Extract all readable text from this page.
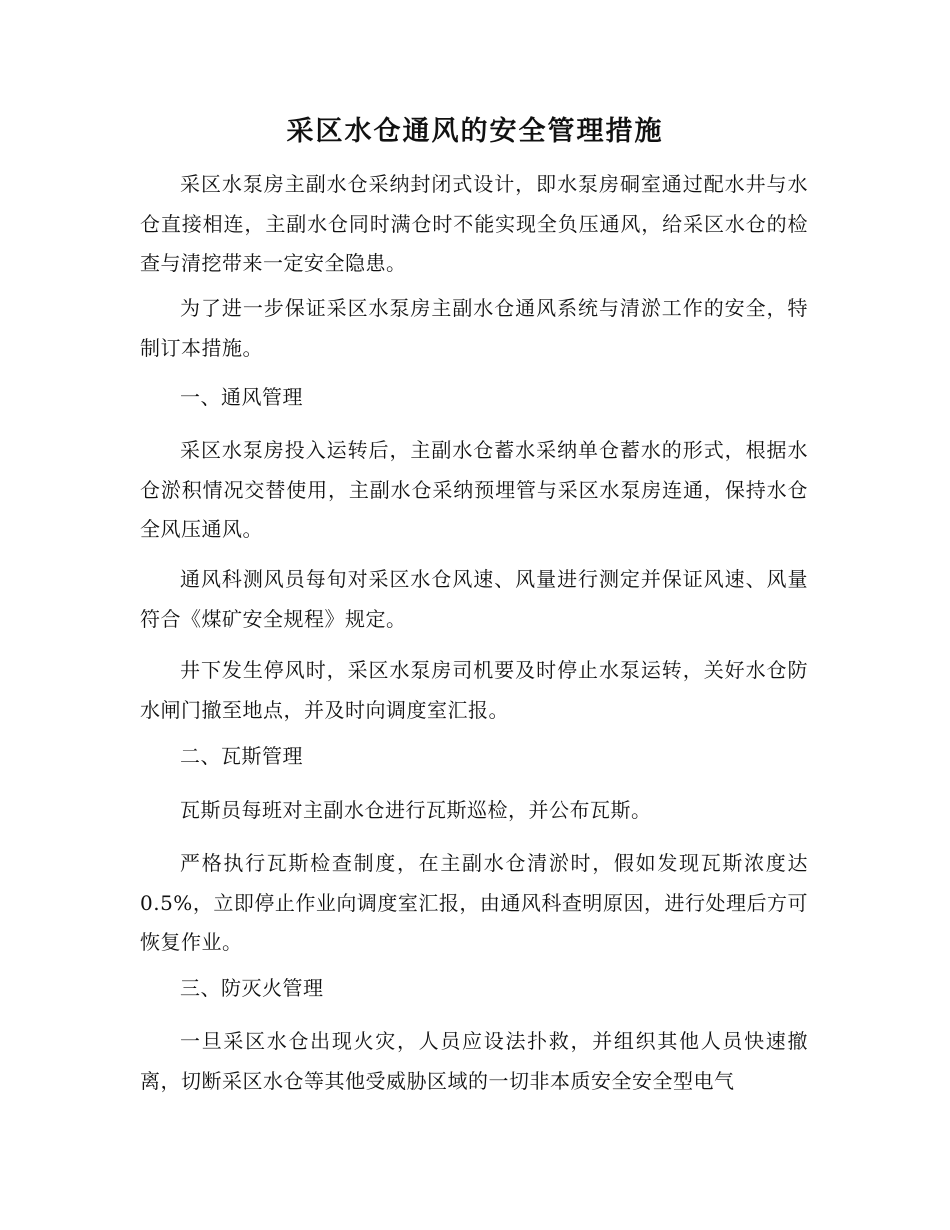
采区水仓通风的安全管理措施

采区水泵房主副水仓采纳封闭式设计，即水泵房硐室通过配水井与水仓直接相连，主副水仓同时满仓时不能实现全负压通风，给采区水仓的检查与清挖带来一定安全隐患。

为了进一步保证采区水泵房主副水仓通风系统与清淤工作的安全，特制订本措施。

一、通风管理

采区水泵房投入运转后，主副水仓蓄水采纳单仓蓄水的形式，根据水仓淤积情况交替使用，主副水仓采纳预埋管与采区水泵房连通，保持水仓全风压通风。

通风科测风员每旬对采区水仓风速、风量进行测定并保证风速、风量符合《煤矿安全规程》规定。

井下发生停风时，采区水泵房司机要及时停止水泵运转，关好水仓防水闸门撤至地点，并及时向调度室汇报。

二、瓦斯管理

瓦斯员每班对主副水仓进行瓦斯巡检，并公布瓦斯。

严格执行瓦斯检查制度，在主副水仓清淤时，假如发现瓦斯浓度达0.5%，立即停止作业向调度室汇报，由通风科查明原因，进行处理后方可恢复作业。

三、防灭火管理

一旦采区水仓出现火灾，人员应设法扑救，并组织其他人员快速撤离，切断采区水仓等其他受威胁区域的一切非本质安全安全型电气
